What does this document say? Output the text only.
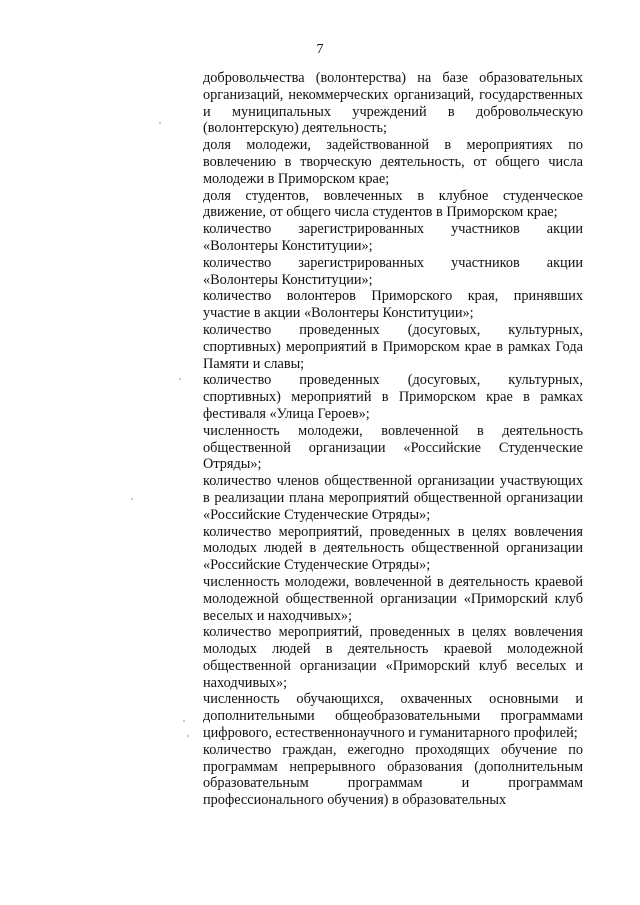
7

добровольчества (волонтерства) на базе образовательных организаций, некоммерческих организаций, государственных и муниципальных учреждений в добровольческую (волонтерскую) деятельность;

доля молодежи, задействованной в мероприятиях по вовлечению в творческую деятельность, от общего числа молодежи в Приморском крае;

доля студентов, вовлеченных в клубное студенческое движение, от общего числа студентов в Приморском крае;

количество зарегистрированных участников акции «Волонтеры Конституции»;

количество зарегистрированных участников акции «Волонтеры Конституции»;

количество волонтеров Приморского края, принявших участие в акции «Волонтеры Конституции»;

количество проведенных (досуговых, культурных, спортивных) мероприятий в Приморском крае в рамках Года Памяти и славы;

количество проведенных (досуговых, культурных, спортивных) мероприятий в Приморском крае в рамках фестиваля «Улица Героев»;

численность молодежи, вовлеченной в деятельность общественной организации «Российские Студенческие Отряды»;

количество членов общественной организации участвующих в реализации плана мероприятий общественной организации «Российские Студенческие Отряды»;

количество мероприятий, проведенных в целях вовлечения молодых людей в деятельность общественной организации «Российские Студенческие Отряды»;

численность молодежи, вовлеченной в деятельность краевой молодежной общественной организации «Приморский клуб веселых и находчивых»;

количество мероприятий, проведенных в целях вовлечения молодых людей в деятельность краевой молодежной общественной организации «Приморский клуб веселых и находчивых»;

численность обучающихся, охваченных основными и дополнительными общеобразовательными программами цифрового, естественнонаучного и гуманитарного профилей;

количество граждан, ежегодно проходящих обучение по программам непрерывного образования (дополнительным образовательным программам и программам профессионального обучения) в образовательных
